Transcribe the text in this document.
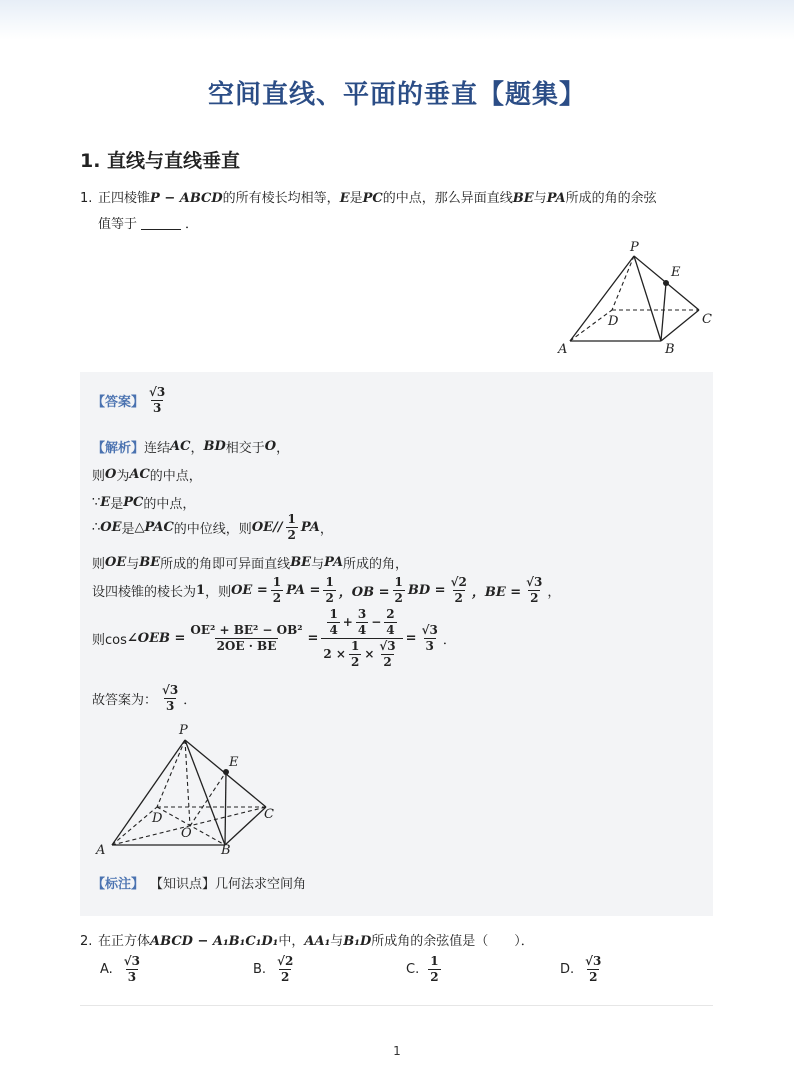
空间直线、平面的垂直【题集】
1. 直线与直线垂直
1. 正四棱锥P − ABCD的所有棱长均相等，E是PC的中点，那么异面直线BE与PA所成的角的余弦
值等于	．
P
E
C
D
A	B
【答案】 $\frac{√3}{3}$
【解析】 连结 AC ， BD 相交于 O ，
则 O 为 AC 的中点，
∵ E 是 PC 的中点，
∴ OE 是 △PAC 的中位线，则 $OE// \frac{1}{2}$ PA ，
则 OE 与 BE 所成的角即可异面直线 BE 与 PA 所成的角，
设四棱锥的棱长为 1 ，则 OE = $\frac{1}{2}$ PA = $\frac{1}{2}$ ，OB = $\frac{1}{2}$ BD = $\frac{√2}{2}$ ，BE = $\frac{√3}{2}$ ，
则cos ∠OEB = $\frac{\text{OE² + BE² − OB²}}{2OE \cdot BE} = \frac{\frac{1}{4} + \frac{3}{4} - \frac{2}{4}}{2 \times \frac{1}{2} \times \frac{√3}{2}} = \frac{√3}{3}$ ．
故答案为： $\frac{√3}{3}$ ．
P
E
C
D
O
A	B
【标注】 【知识点】几何法求空间角
2. 在正方体ABCD − A₁B₁C₁D₁中，AA₁与B₁D所成角的余弦值是（　　）．
A. $\frac{√3}{3}$	B. $\frac{√2}{2}$	C. $\frac{1}{2}$	D. $\frac{√3}{2}$
1
